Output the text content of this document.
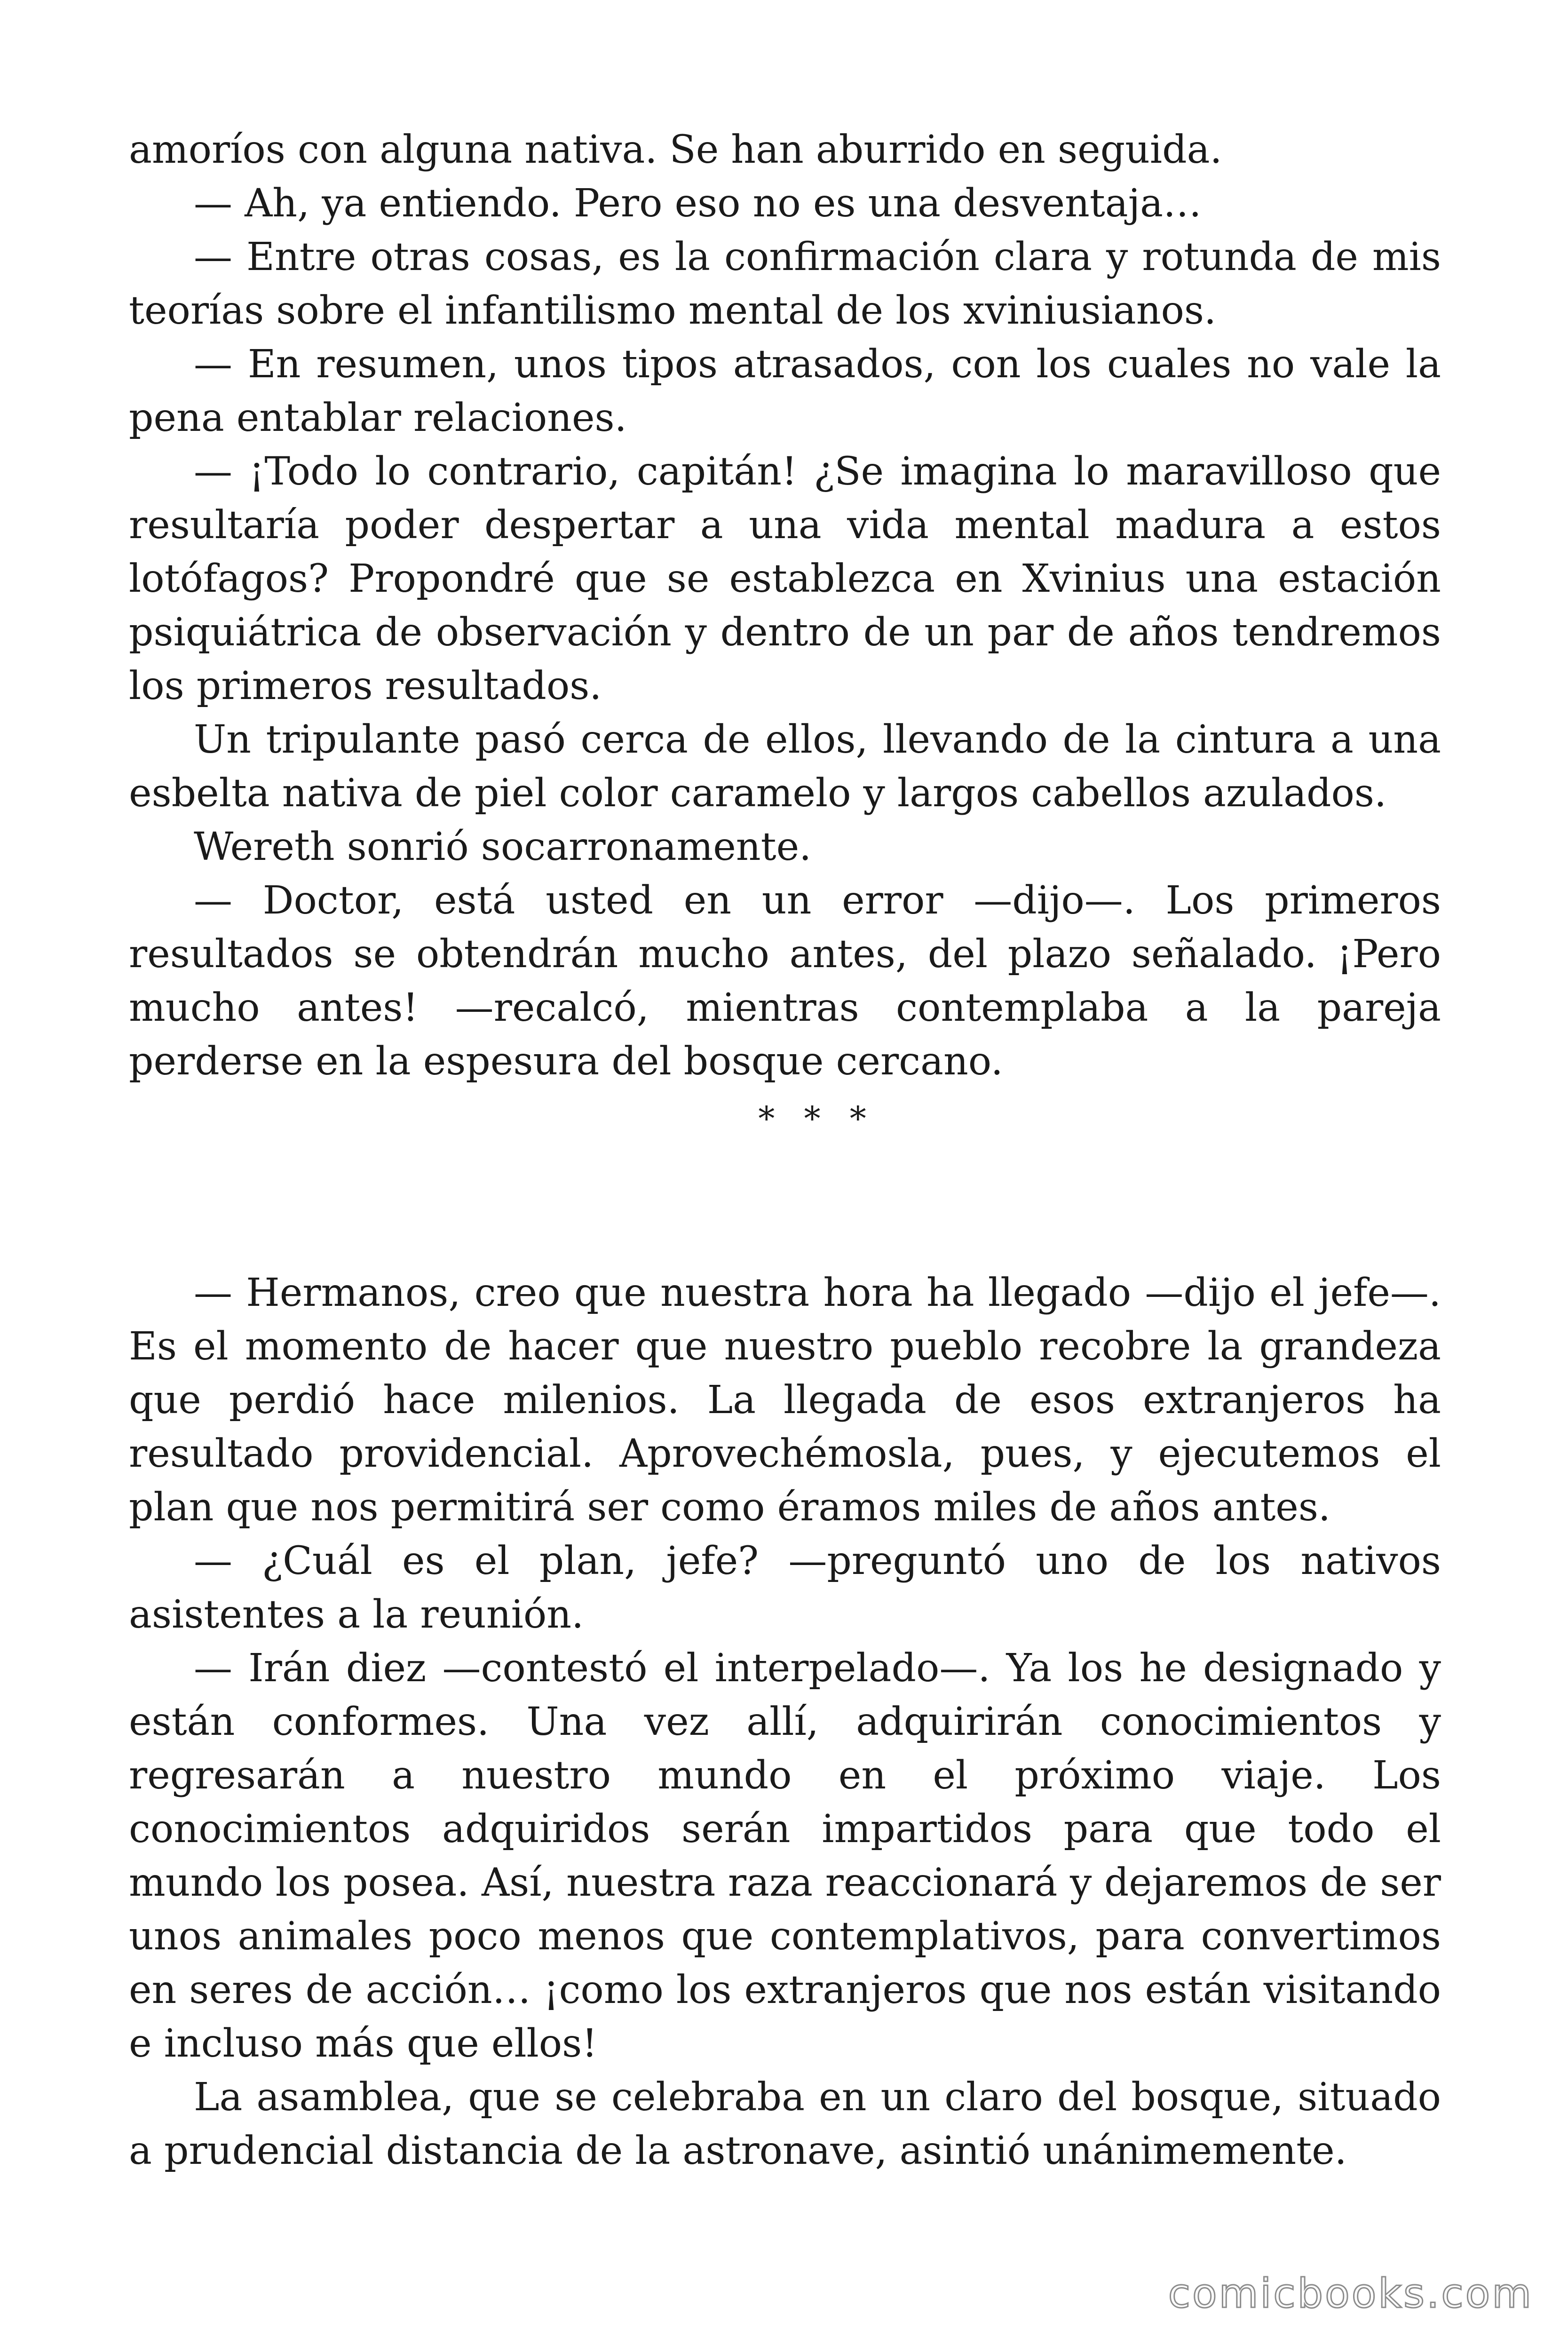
amoríos con alguna nativa. Se han aburrido en seguida.

— Ah, ya entiendo. Pero eso no es una desventaja…

— Entre otras cosas, es la confirmación clara y rotunda de mis teorías sobre el infantilismo mental de los xviniusianos.

— En resumen, unos tipos atrasados, con los cuales no vale la pena entablar relaciones.

— ¡Todo lo contrario, capitán! ¿Se imagina lo maravilloso que resultaría poder despertar a una vida mental madura a estos lotófagos? Propondré que se establezca en Xvinius una estación psiquiátrica de observación y dentro de un par de años tendremos los primeros resultados.

Un tripulante pasó cerca de ellos, llevando de la cintura a una esbelta nativa de piel color caramelo y largos cabellos azulados.

Wereth sonrió socarronamente.

— Doctor, está usted en un error —dijo—. Los primeros resultados se obtendrán mucho antes, del plazo señalado. ¡Pero mucho antes! —recalcó, mientras contemplaba a la pareja perderse en la espesura del bosque cercano.

* * *

— Hermanos, creo que nuestra hora ha llegado —dijo el jefe—. Es el momento de hacer que nuestro pueblo recobre la grandeza que perdió hace milenios. La llegada de esos extranjeros ha resultado providencial. Aprovechémosla, pues, y ejecutemos el plan que nos permitirá ser como éramos miles de años antes.

— ¿Cuál es el plan, jefe? —preguntó uno de los nativos asistentes a la reunión.

— Irán diez —contestó el interpelado—. Ya los he designado y están conformes. Una vez allí, adquirirán conocimientos y regresarán a nuestro mundo en el próximo viaje. Los conocimientos adquiridos serán impartidos para que todo el mundo los posea. Así, nuestra raza reaccionará y dejaremos de ser unos animales poco menos que contemplativos, para convertimos en seres de acción… ¡como los extranjeros que nos están visitando e incluso más que ellos!

La asamblea, que se celebraba en un claro del bosque, situado a prudencial distancia de la astronave, asintió unánimemente.

comicbooks.com
